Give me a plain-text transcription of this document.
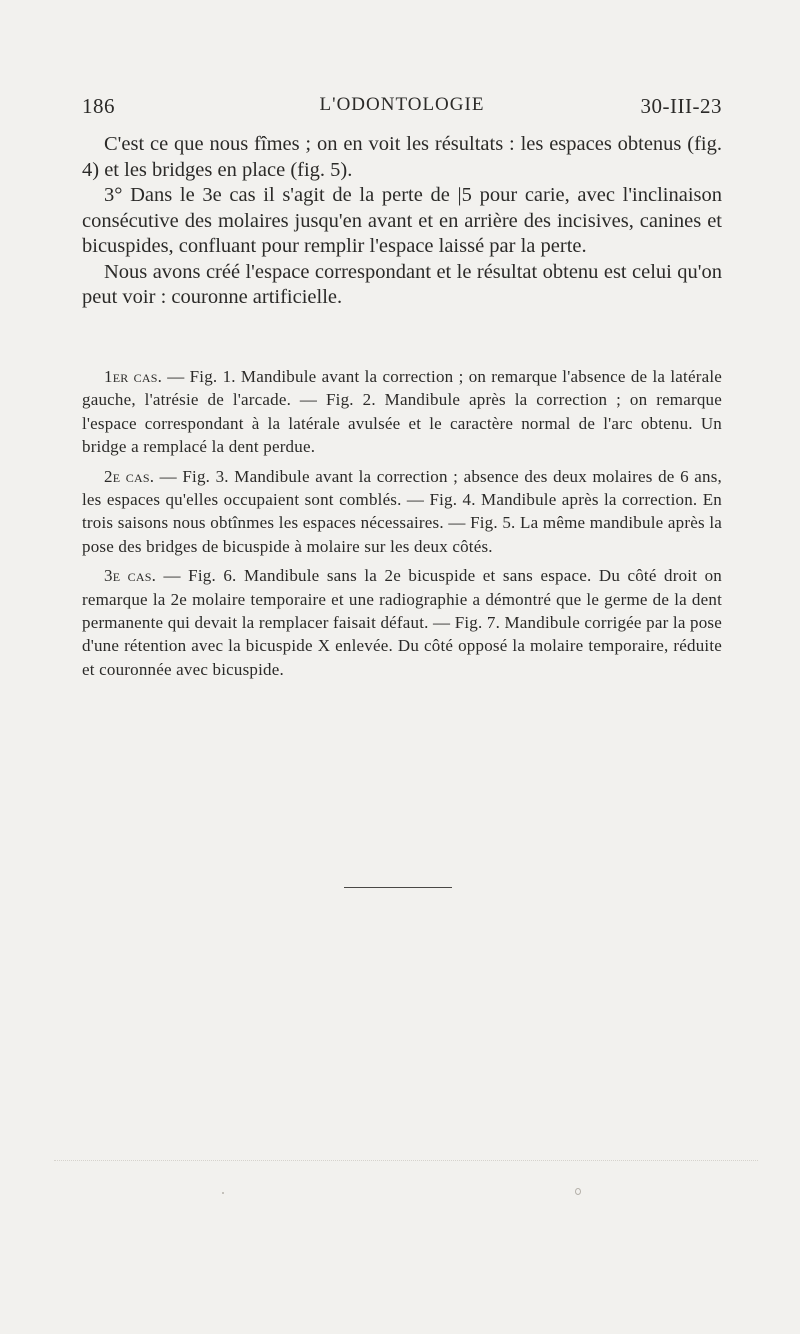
186	L'ODONTOLOGIE	30-III-23

C'est ce que nous fîmes ; on en voit les résultats : les espaces obtenus (fig. 4) et les bridges en place (fig. 5).

3° Dans le 3e cas il s'agit de la perte de |5 pour carie, avec l'inclinaison consécutive des molaires jusqu'en avant et en arrière des incisives, canines et bicuspides, confluant pour remplir l'espace laissé par la perte.

Nous avons créé l'espace correspondant et le résultat obtenu est celui qu'on peut voir : couronne artificielle.

1er cas. — Fig. 1. Mandibule avant la correction ; on remarque l'absence de la latérale gauche, l'atrésie de l'arcade. — Fig. 2. Mandibule après la correction ; on remarque l'espace correspondant à la latérale avulsée et le caractère normal de l'arc obtenu. Un bridge a remplacé la dent perdue.

2e cas. — Fig. 3. Mandibule avant la correction ; absence des deux molaires de 6 ans, les espaces qu'elles occupaient sont comblés. — Fig. 4. Mandibule après la correction. En trois saisons nous obtînmes les espaces nécessaires. — Fig. 5. La même mandibule après la pose des bridges de bicuspide à molaire sur les deux côtés.

3e cas. — Fig. 6. Mandibule sans la 2e bicuspide et sans espace. Du côté droit on remarque la 2e molaire temporaire et une radiographie a démontré que le germe de la dent permanente qui devait la remplacer faisait défaut. — Fig. 7. Mandibule corrigée par la pose d'une rétention avec la bicuspide X enlevée. Du côté opposé la molaire temporaire, réduite et couronnée avec bicuspide.
